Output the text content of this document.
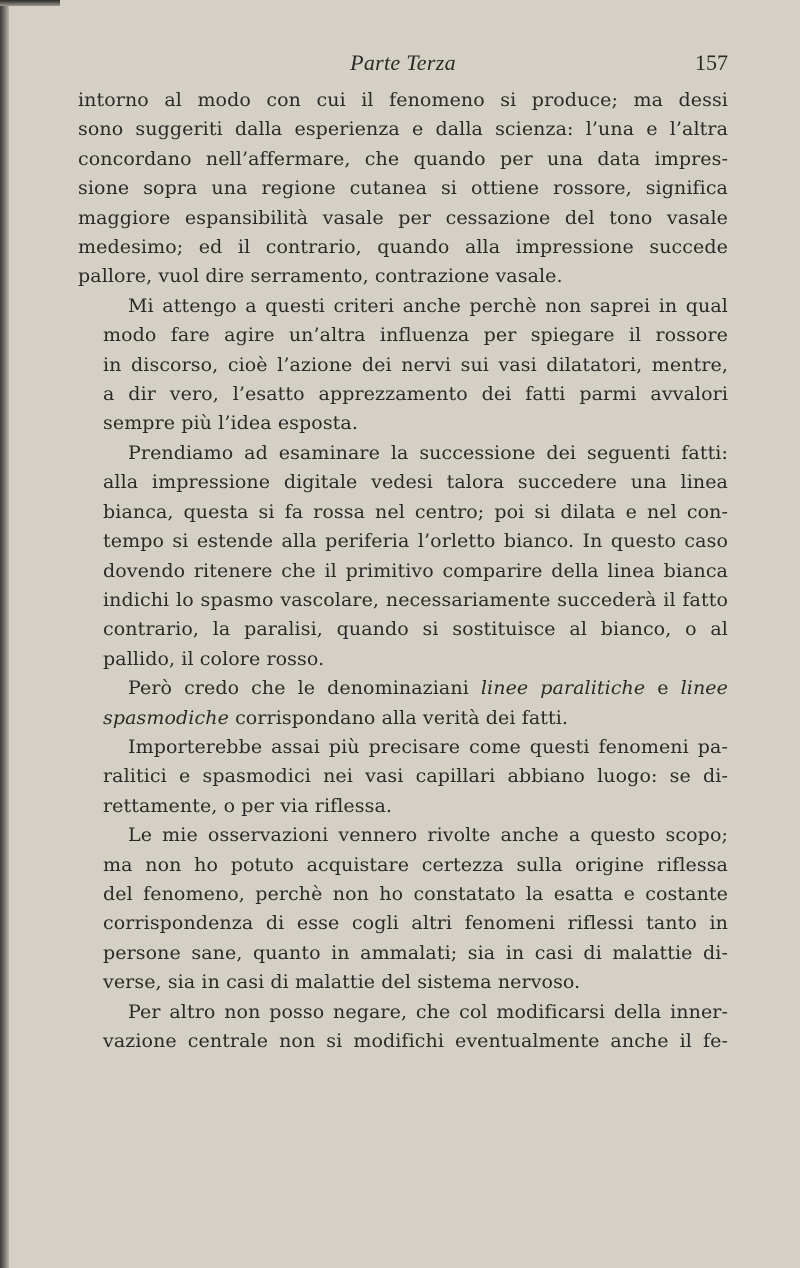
Parte Terza	157
intorno al modo con cui il fenomeno si produce; ma dessi
sono suggeriti dalla esperienza e dalla scienza: l’una e l’altra
concordano nell’affermare, che quando per una data impres-
sione sopra una regione cutanea si ottiene rossore, significa
maggiore espansibilità vasale per cessazione del tono vasale
medesimo; ed il contrario, quando alla impressione succede
pallore, vuol dire serramento, contrazione vasale.
Mi attengo a questi criteri anche perchè non saprei in qual
modo fare agire un’altra influenza per spiegare il rossore
in discorso, cioè l’azione dei nervi sui vasi dilatatori, mentre,
a dir vero, l’esatto apprezzamento dei fatti parmi avvalori
sempre più l’idea esposta.
Prendiamo ad esaminare la successione dei seguenti fatti:
alla impressione digitale vedesi talora succedere una linea
bianca, questa si fa rossa nel centro; poi si dilata e nel con-
tempo si estende alla periferia l’orletto bianco. In questo caso
dovendo ritenere che il primitivo comparire della linea bianca
indichi lo spasmo vascolare, necessariamente succederà il fatto
contrario, la paralisi, quando si sostituisce al bianco, o al
pallido, il colore rosso.
Però credo che le denominaziani linee paralitiche e linee
spasmodiche corrispondano alla verità dei fatti.
Importerebbe assai più precisare come questi fenomeni pa-
ralitici e spasmodici nei vasi capillari abbiano luogo: se di-
rettamente, o per via riflessa.
Le mie osservazioni vennero rivolte anche a questo scopo;
ma non ho potuto acquistare certezza sulla origine riflessa
del fenomeno, perchè non ho constatato la esatta e costante
corrispondenza di esse cogli altri fenomeni riflessi tanto in
persone sane, quanto in ammalati; sia in casi di malattie di-
verse, sia in casi di malattie del sistema nervoso.
Per altro non posso negare, che col modificarsi della inner-
vazione centrale non si modifichi eventualmente anche il fe-
